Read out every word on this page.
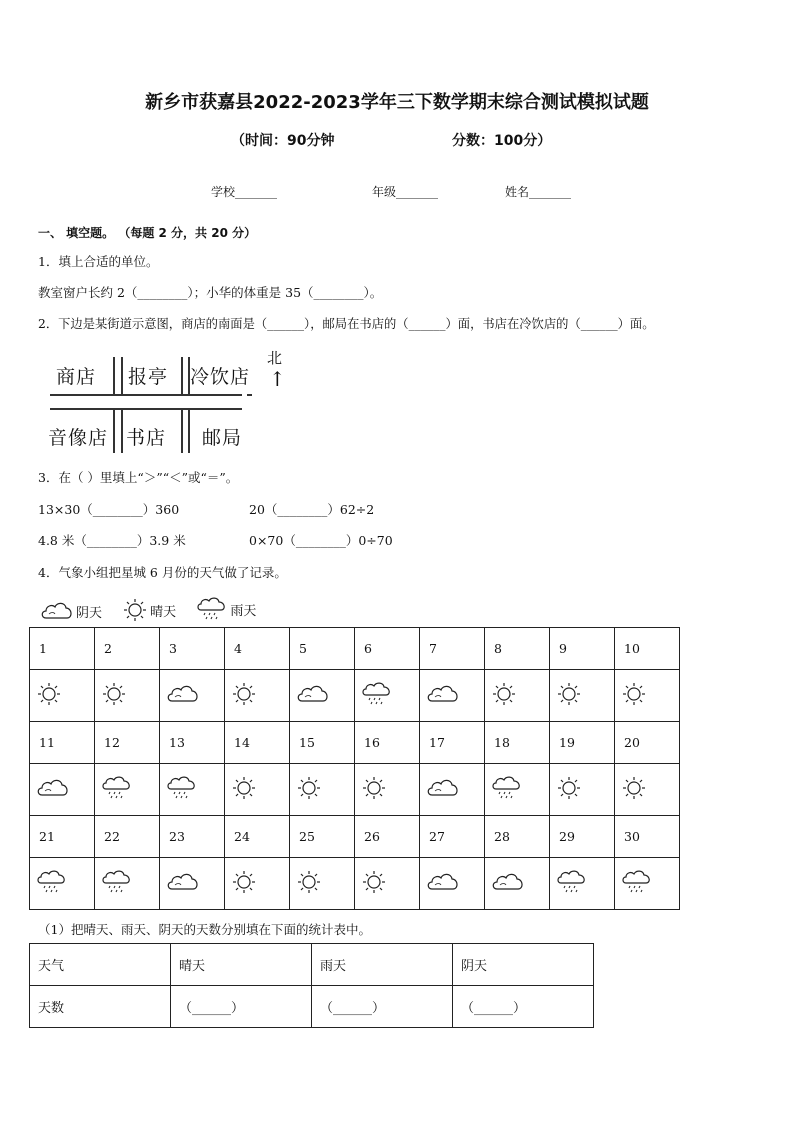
新乡市获嘉县2022-2023学年三下数学期末综合测试模拟试题
（时间：90分钟	分数：100分）
学校_______	年级_______	姓名_______
一、 填空题。 （每题 2 分，共 20 分）
1．填上合适的单位。
教室窗户长约 2（________）；小华的体重是 35（________）。
2．下边是某街道示意图，商店的南面是（______），邮局在书店的（______）面，书店在冷饮店的（______）面。
商店 报亭 冷饮店
音像店 书店 邮局
北
↑
3．在（ ）里填上“＞”“＜”或“＝”。
13×30（________）360	20（________）62÷2
4.8 米（________）3.9 米	0×70（________）0÷70
4．气象小组把星城 6 月份的天气做了记录。
阴天
	晴天
	雨天
1	2	3	4	5	6	7	8	9	10

11	12	13	14	15	16	17	18	19	20

21	22	23	24	25	26	27	28	29	30

（1）把晴天、雨天、阴天的天数分别填在下面的统计表中。
天气	晴天	雨天	阴天
天数	（______）	（______）	（______）
